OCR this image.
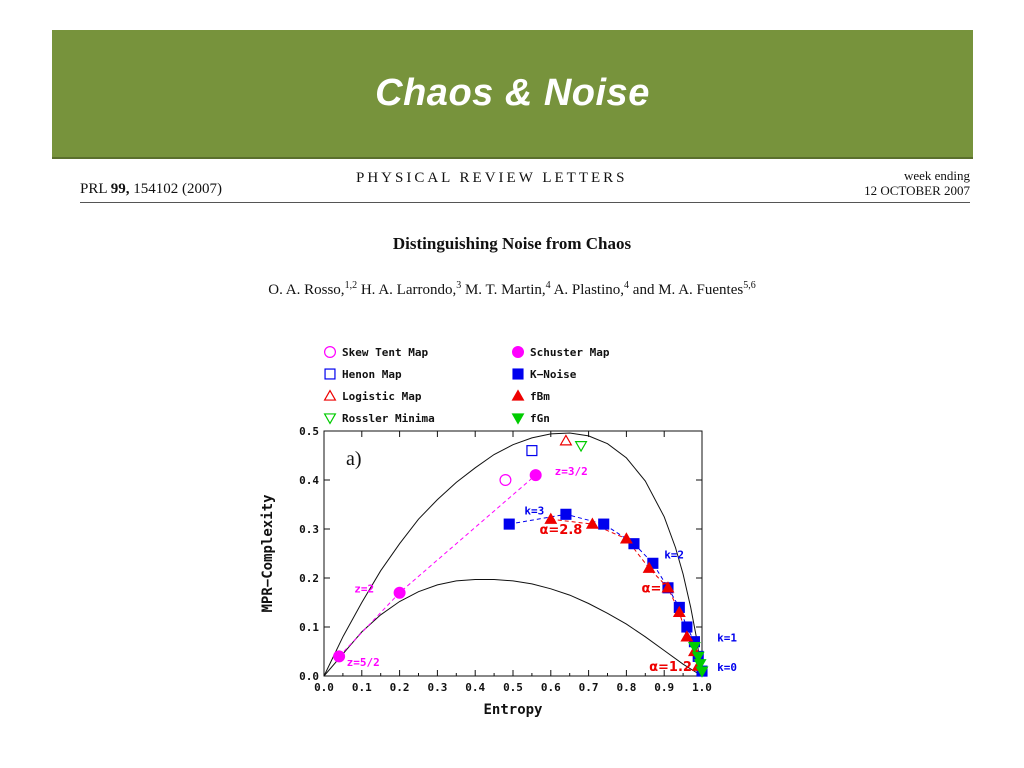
Chaos & Noise
PRL 99, 154102 (2007)
PHYSICAL REVIEW LETTERS	week ending
12 OCTOBER 2007
Distinguishing Noise from Chaos
O. A. Rosso,$^{1,2}$ H. A. Larrondo,$^3$ M. T. Martin,$^4$ A. Plastino,$^4$ and M. A. Fuentes$^{5,6}$
Skew Tent Map	Schuster Map
Henon Map	K−Noise
Logistic Map	fBm
Rossler Minima	fGn
0.0 0.1 0.2 0.3 0.4 0.5 0.6 0.7 0.8 0.9 1.0
0.0
0.1
0.2
0.3
0.4
0.5
Entropy
MPR−Complexity
a)
z=3/2
z=2
z=5/2
k=3
k=2
k=1
k=0
α=2.8
α=2
α=1.2
